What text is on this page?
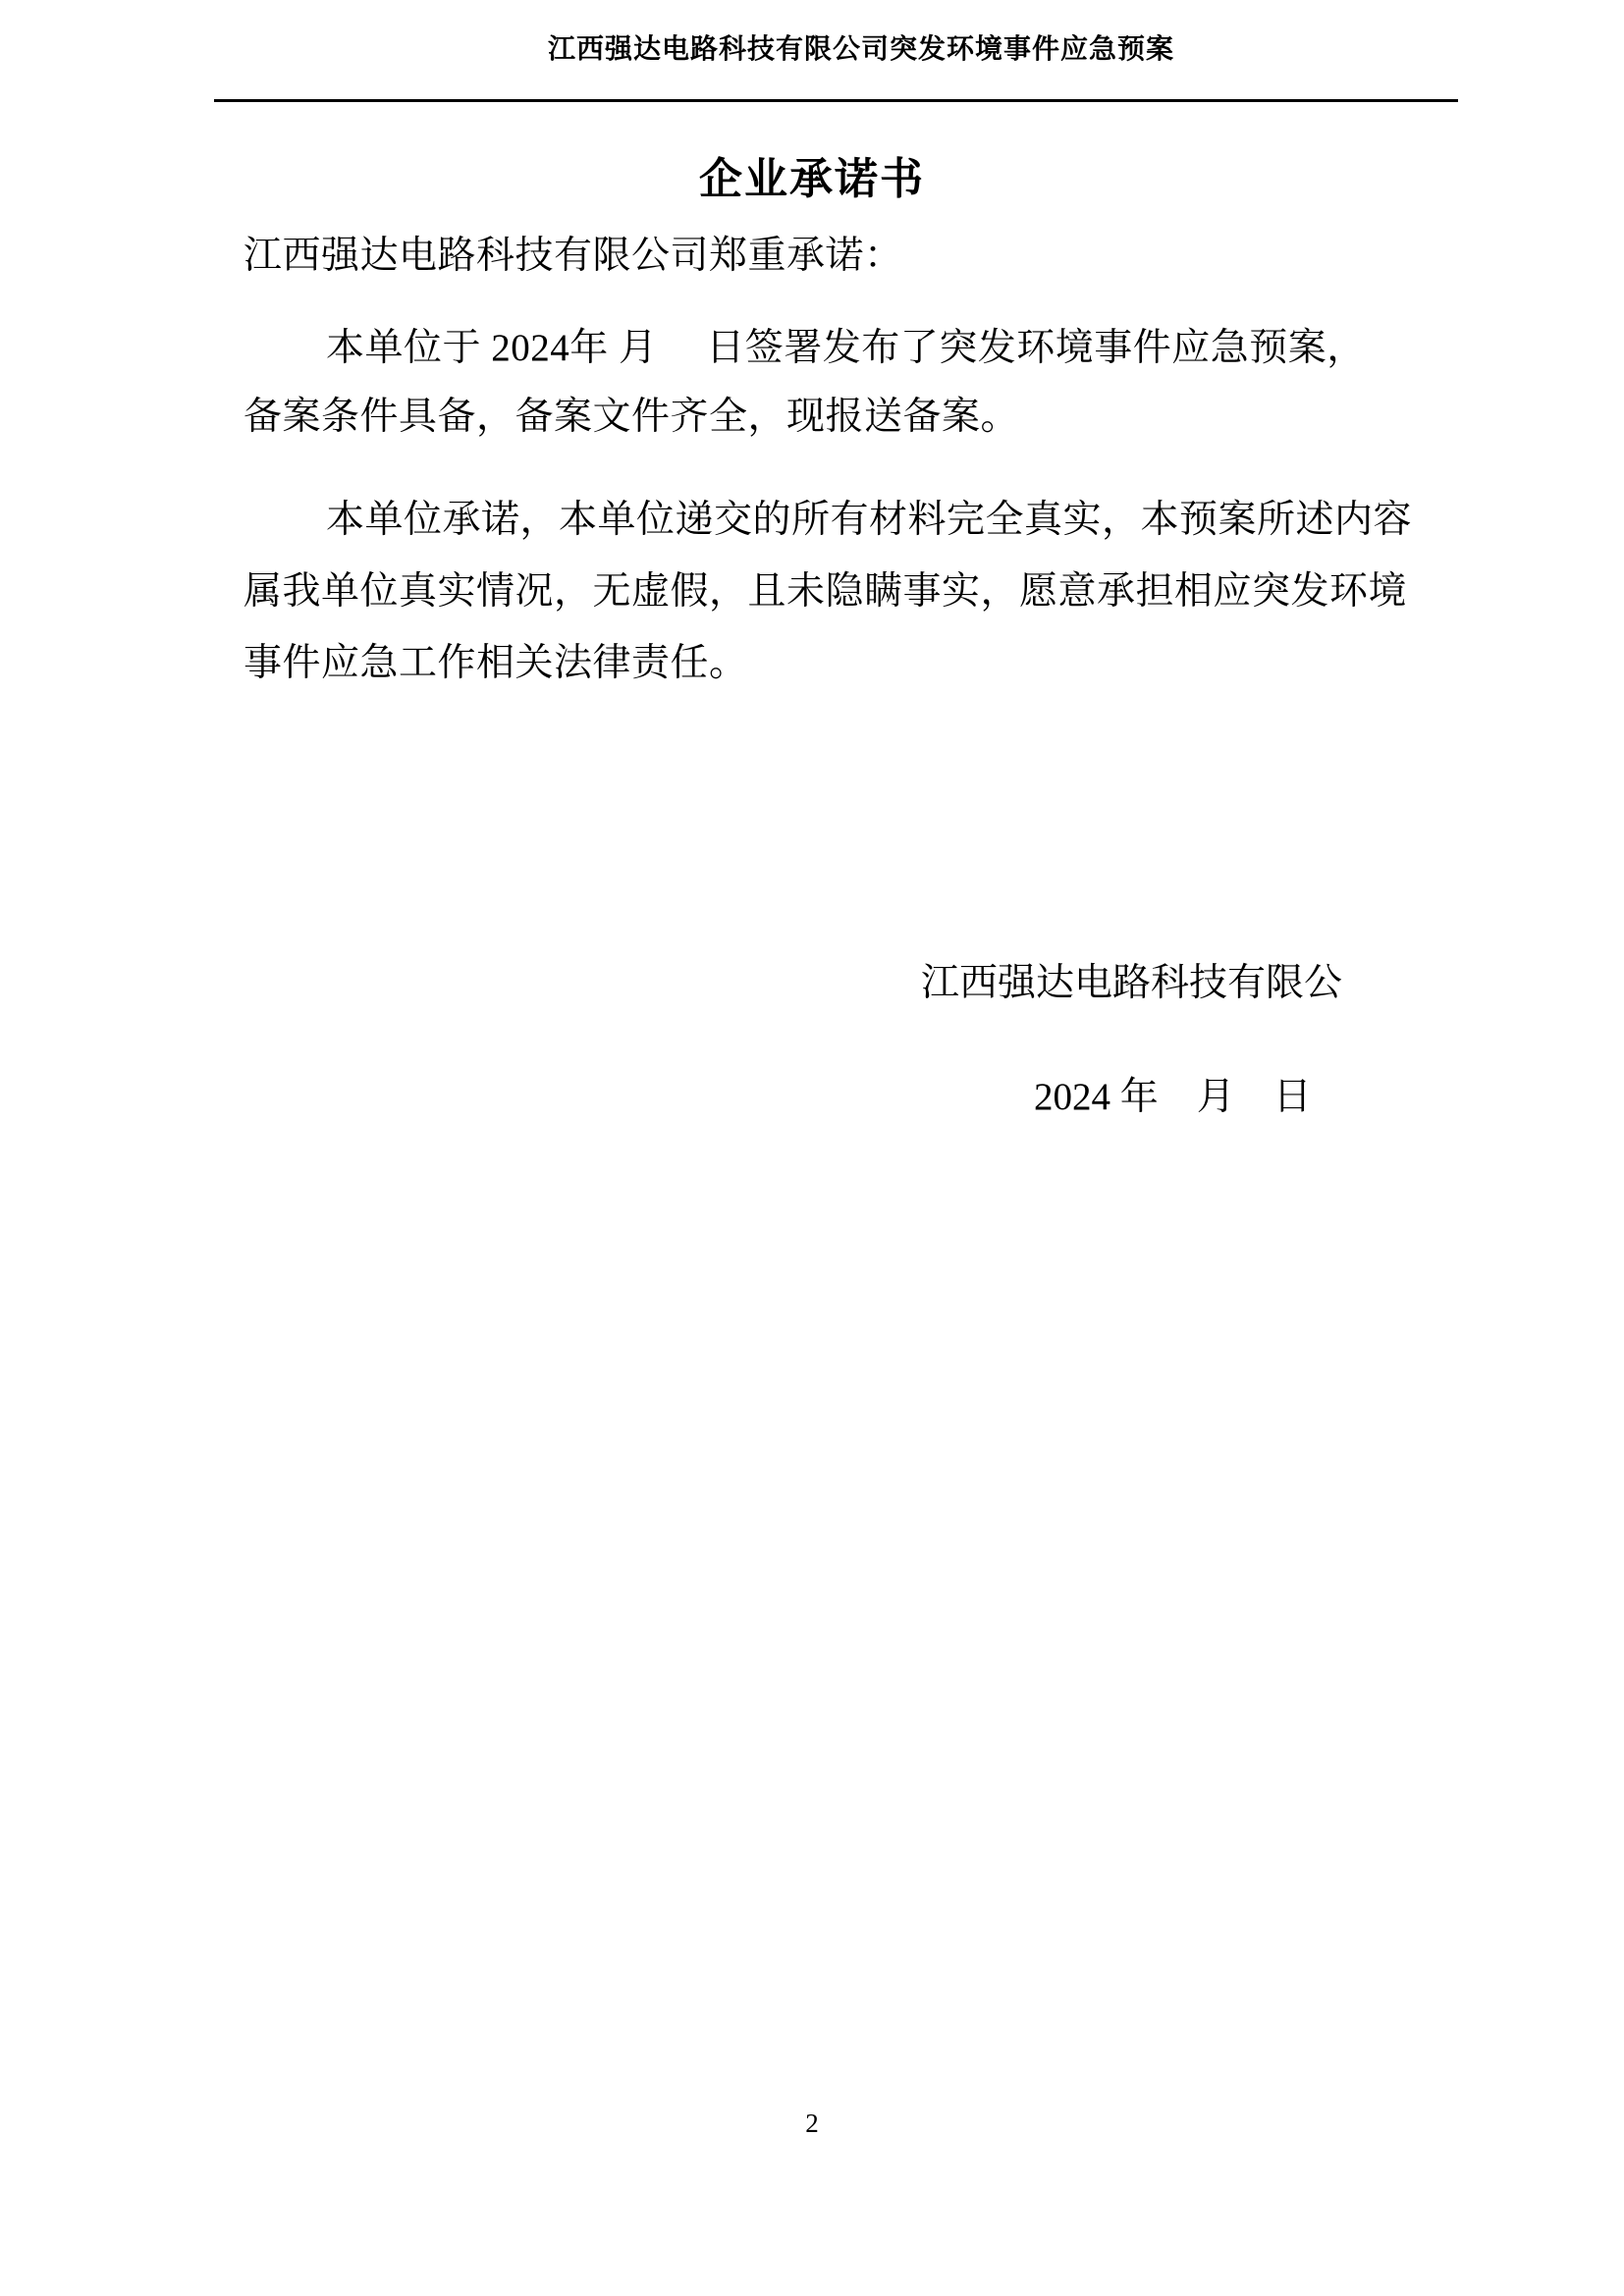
江西强达电路科技有限公司突发环境事件应急预案
企业承诺书
江西强达电路科技有限公司郑重承诺：
本单位于 2024年 月　 日签署发布了突发环境事件应急预案，
备案条件具备，备案文件齐全，现报送备案。
本单位承诺，本单位递交的所有材料完全真实，本预案所述内容
属我单位真实情况，无虚假，且未隐瞒事实，愿意承担相应突发环境
事件应急工作相关法律责任。
江西强达电路科技有限公
2024 年　月　日
2
